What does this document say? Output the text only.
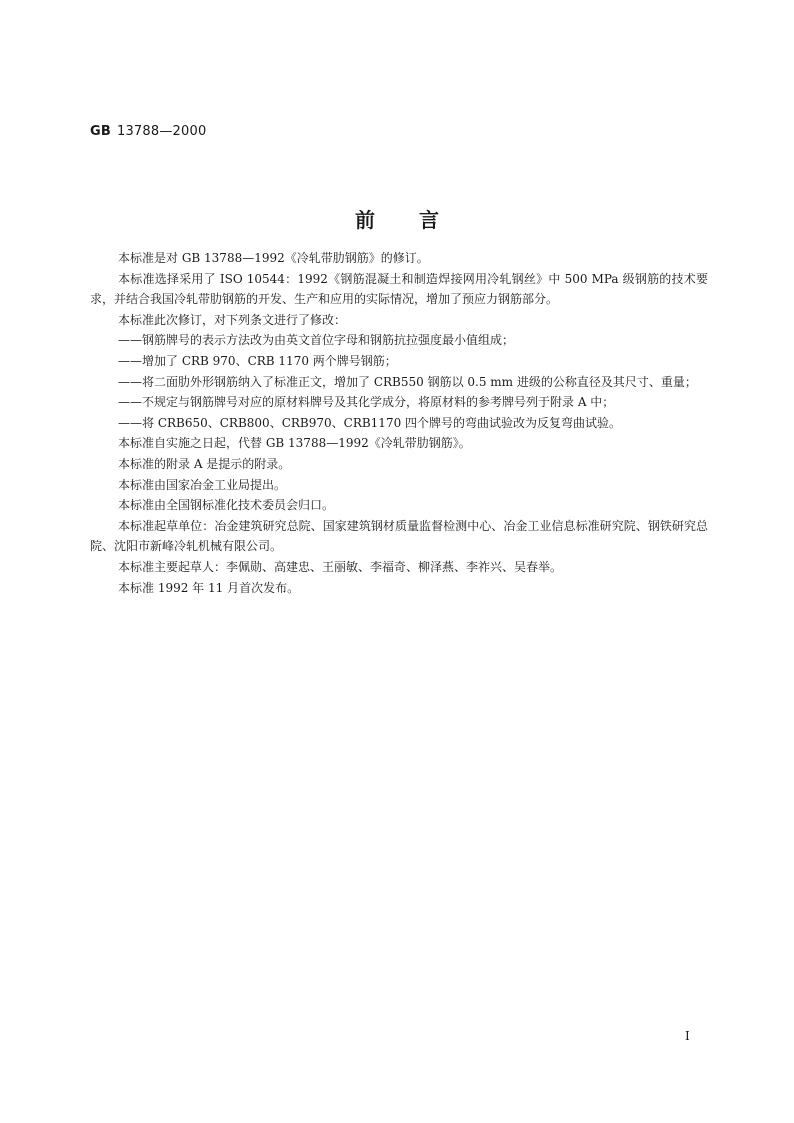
GB 13788—2000
前言

本标准是对 GB 13788—1992《冷轧带肋钢筋》的修订。

本标准选择采用了 ISO 10544：1992《钢筋混凝土和制造焊接网用冷轧钢丝》中 500 MPa 级钢筋的技术要求，并结合我国冷轧带肋钢筋的开发、生产和应用的实际情况，增加了预应力钢筋部分。

本标准此次修订，对下列条文进行了修改：

——钢筋牌号的表示方法改为由英文首位字母和钢筋抗拉强度最小值组成；

——增加了 CRB 970、CRB 1170 两个牌号钢筋；

——将二面肋外形钢筋纳入了标准正文，增加了 CRB550 钢筋以 0.5 mm 进级的公称直径及其尺寸、重量；

——不规定与钢筋牌号对应的原材料牌号及其化学成分，将原材料的参考牌号列于附录 A 中；

——将 CRB650、CRB800、CRB970、CRB1170 四个牌号的弯曲试验改为反复弯曲试验。

本标准自实施之日起，代替 GB 13788—1992《冷轧带肋钢筋》。

本标准的附录 A 是提示的附录。

本标准由国家冶金工业局提出。

本标准由全国钢标准化技术委员会归口。

本标准起草单位：冶金建筑研究总院、国家建筑钢材质量监督检测中心、冶金工业信息标准研究院、钢铁研究总院、沈阳市新峰冷轧机械有限公司。

本标准主要起草人：李佩勋、高建忠、王丽敏、李福奇、柳泽燕、李祚兴、吴春举。

本标准 1992 年 11 月首次发布。

I
